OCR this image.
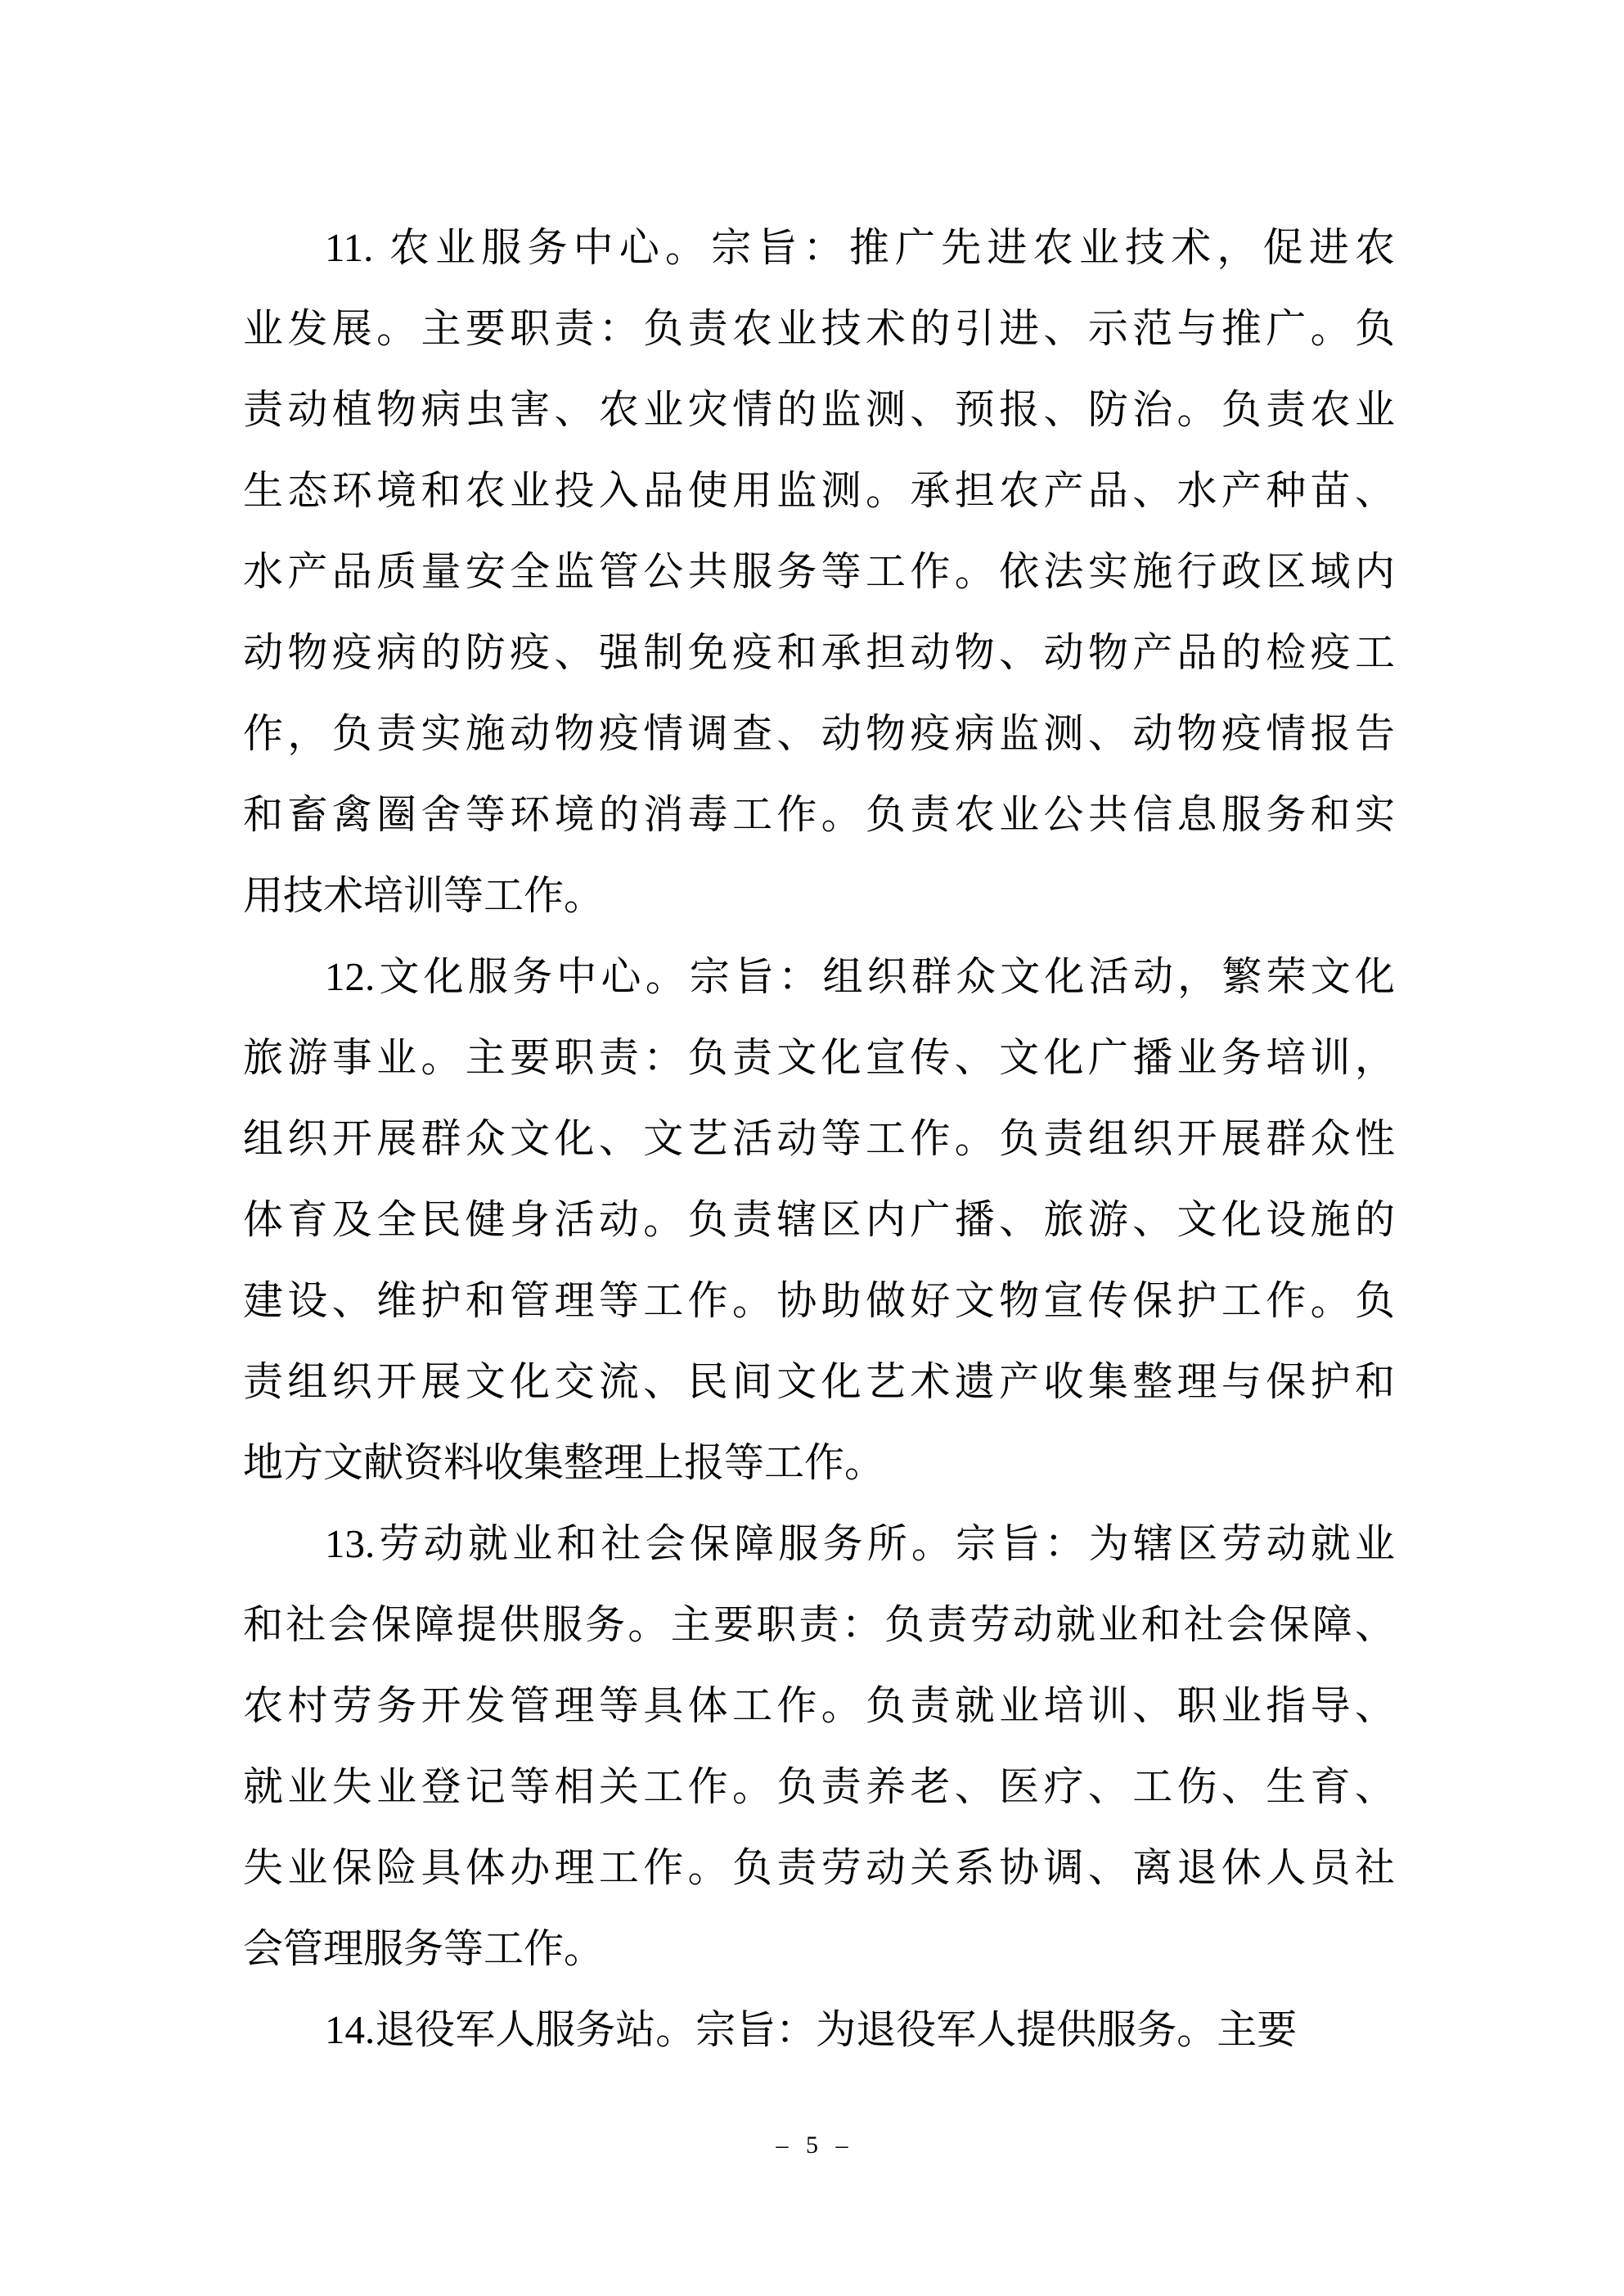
11. 农业服务中心。宗旨：推广先进农业技术，促进农
业发展。主要职责：负责农业技术的引进、示范与推广。负
责动植物病虫害、农业灾情的监测、预报、防治。负责农业
生态环境和农业投入品使用监测。承担农产品、水产种苗、
水产品质量安全监管公共服务等工作。依法实施行政区域内
动物疫病的防疫、强制免疫和承担动物、动物产品的检疫工
作，负责实施动物疫情调查、动物疫病监测、动物疫情报告
和畜禽圈舍等环境的消毒工作。负责农业公共信息服务和实
用技术培训等工作。
12.文化服务中心。宗旨：组织群众文化活动，繁荣文化
旅游事业。主要职责：负责文化宣传、文化广播业务培训，
组织开展群众文化、文艺活动等工作。负责组织开展群众性
体育及全民健身活动。负责辖区内广播、旅游、文化设施的
建设、维护和管理等工作。协助做好文物宣传保护工作。负
责组织开展文化交流、民间文化艺术遗产收集整理与保护和
地方文献资料收集整理上报等工作。
13.劳动就业和社会保障服务所。宗旨：为辖区劳动就业
和社会保障提供服务。主要职责：负责劳动就业和社会保障、
农村劳务开发管理等具体工作。负责就业培训、职业指导、
就业失业登记等相关工作。负责养老、医疗、工伤、生育、
失业保险具体办理工作。负责劳动关系协调、离退休人员社
会管理服务等工作。
14.退役军人服务站。宗旨：为退役军人提供服务。主要
– 5 –
